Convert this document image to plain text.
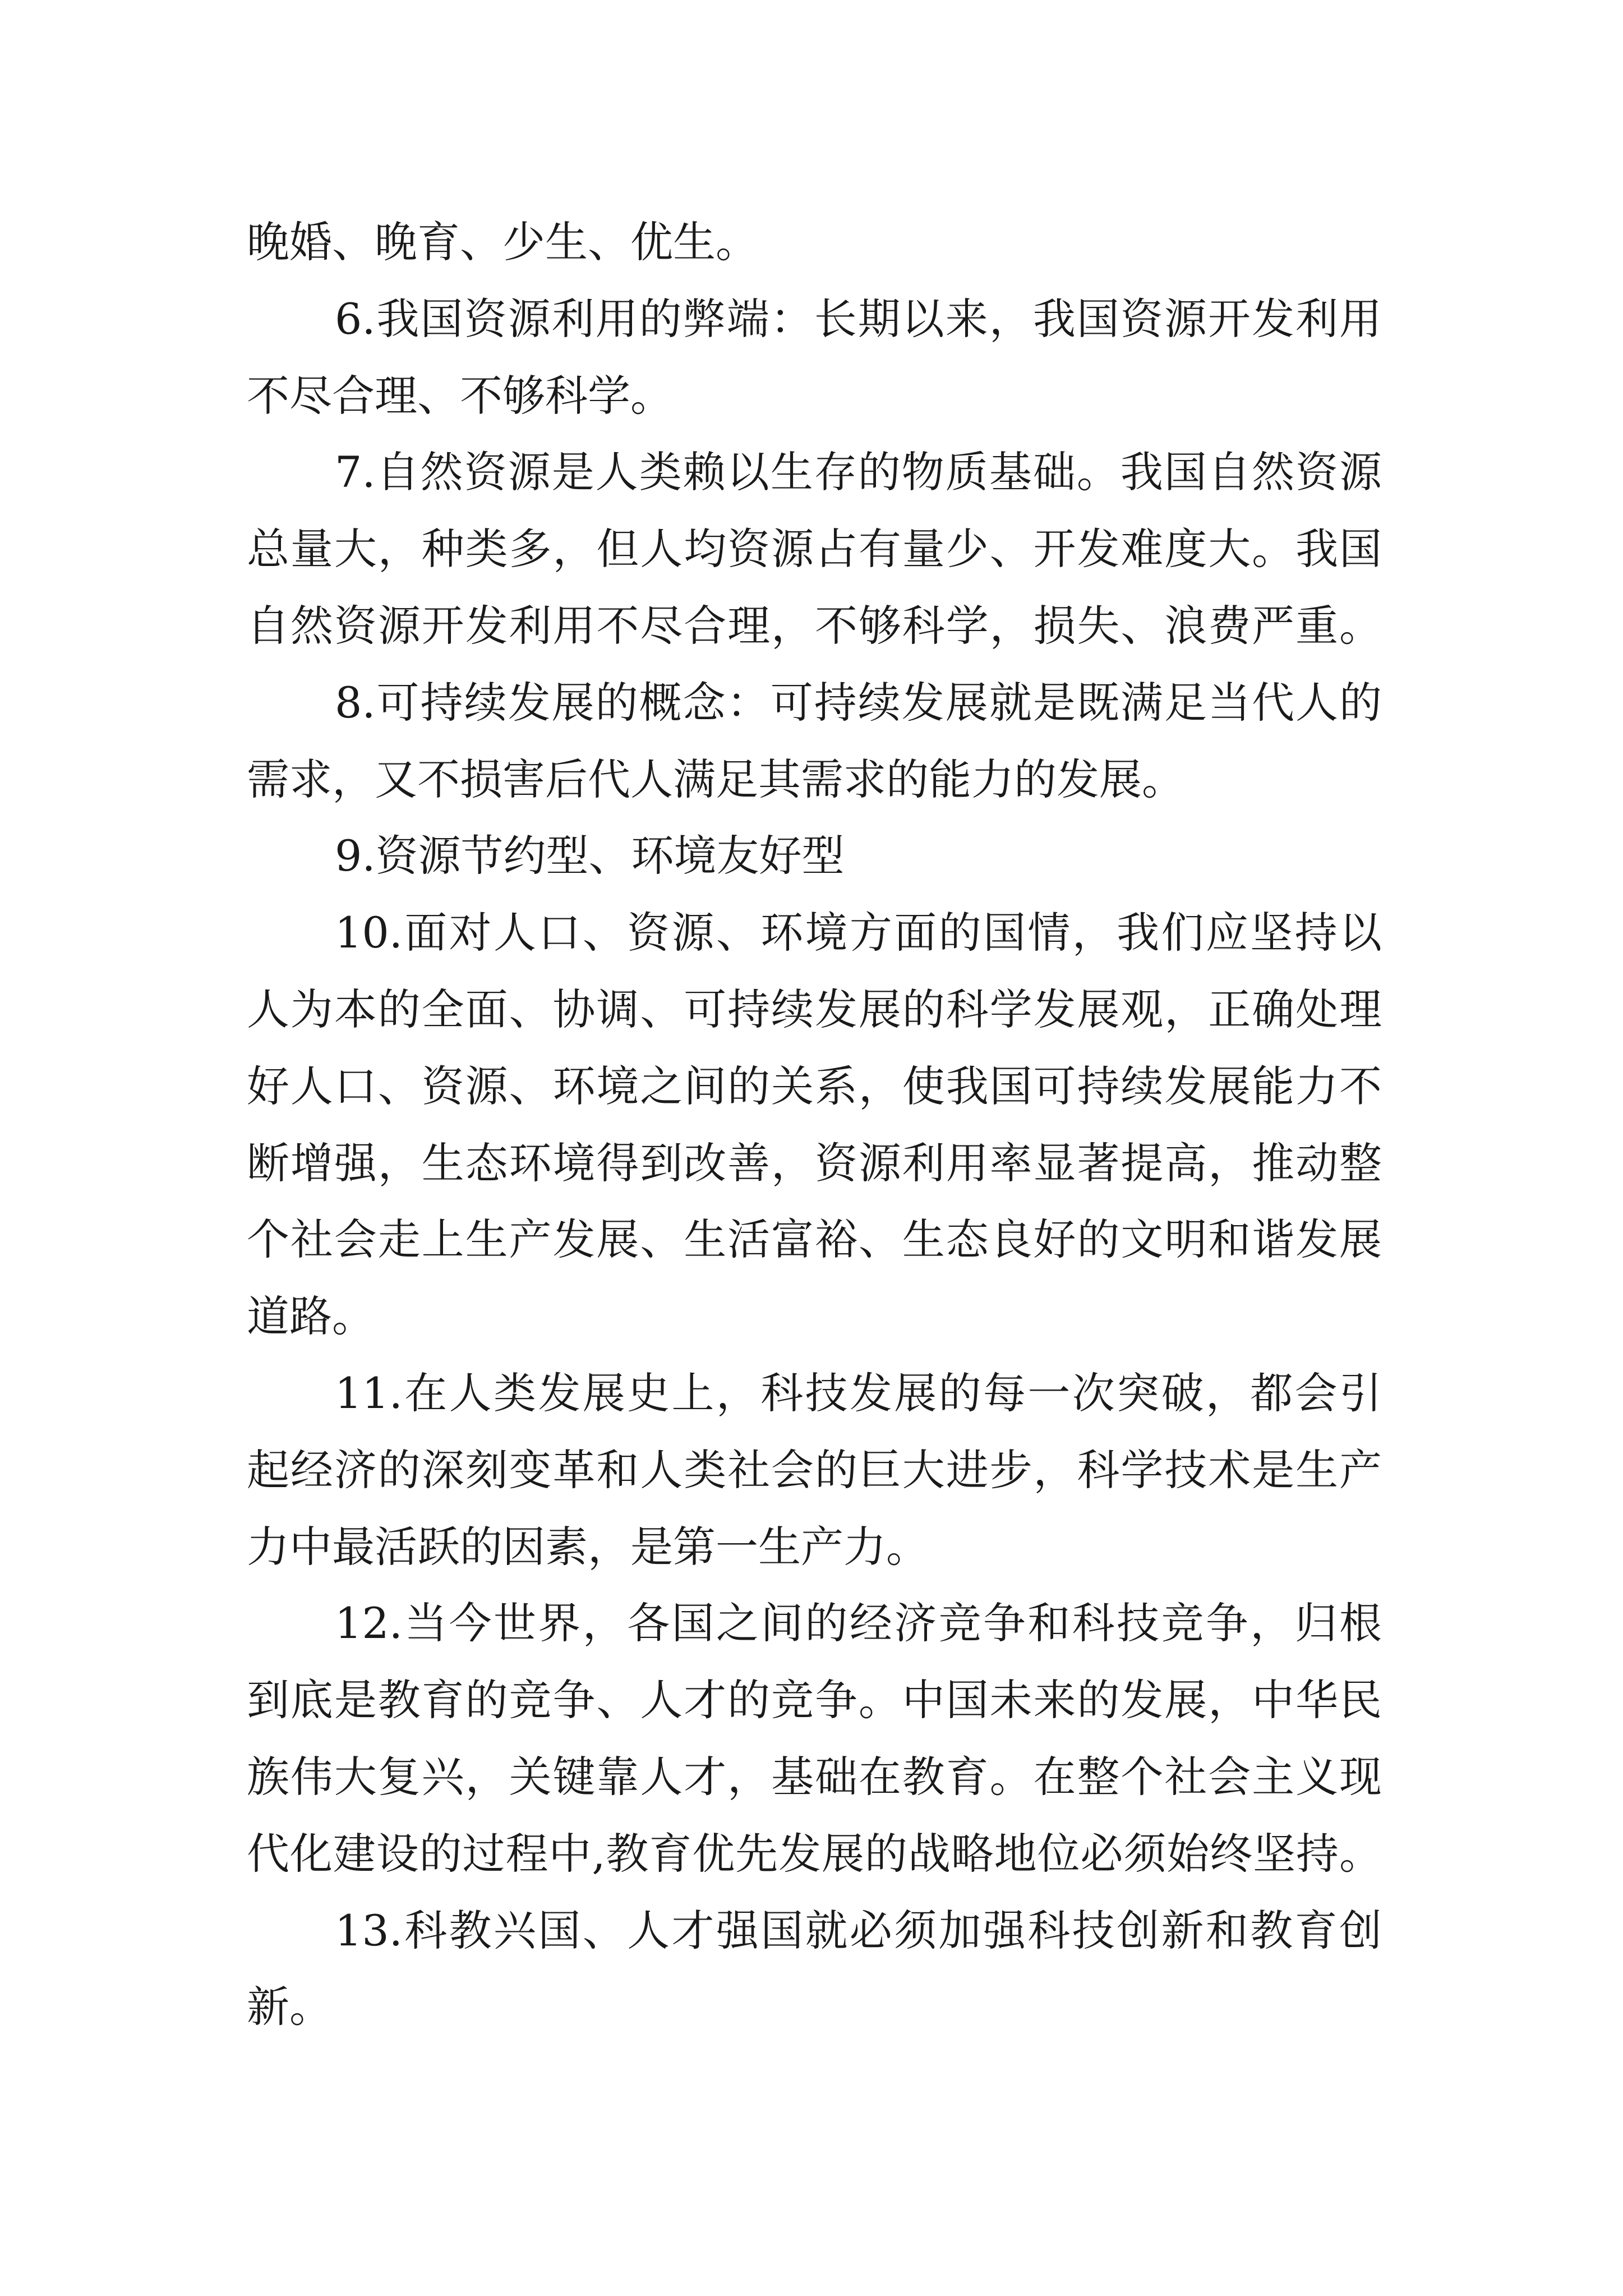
晚婚、晚育、少生、优生。
6.我国资源利用的弊端：长期以来，我国资源开发利用
不尽合理、不够科学。
7.自然资源是人类赖以生存的物质基础。我国自然资源
总量大，种类多，但人均资源占有量少、开发难度大。我国
自然资源开发利用不尽合理，不够科学，损失、浪费严重。
8.可持续发展的概念：可持续发展就是既满足当代人的
需求，又不损害后代人满足其需求的能力的发展。
9.资源节约型、环境友好型
10.面对人口、资源、环境方面的国情，我们应坚持以
人为本的全面、协调、可持续发展的科学发展观，正确处理
好人口、资源、环境之间的关系，使我国可持续发展能力不
断增强，生态环境得到改善，资源利用率显著提高，推动整
个社会走上生产发展、生活富裕、生态良好的文明和谐发展
道路。
11.在人类发展史上，科技发展的每一次突破，都会引
起经济的深刻变革和人类社会的巨大进步，科学技术是生产
力中最活跃的因素，是第一生产力。
12.当今世界，各国之间的经济竞争和科技竞争，归根
到底是教育的竞争、人才的竞争。中国未来的发展，中华民
族伟大复兴，关键靠人才，基础在教育。在整个社会主义现
代化建设的过程中,教育优先发展的战略地位必须始终坚持。
13.科教兴国、人才强国就必须加强科技创新和教育创
新。
